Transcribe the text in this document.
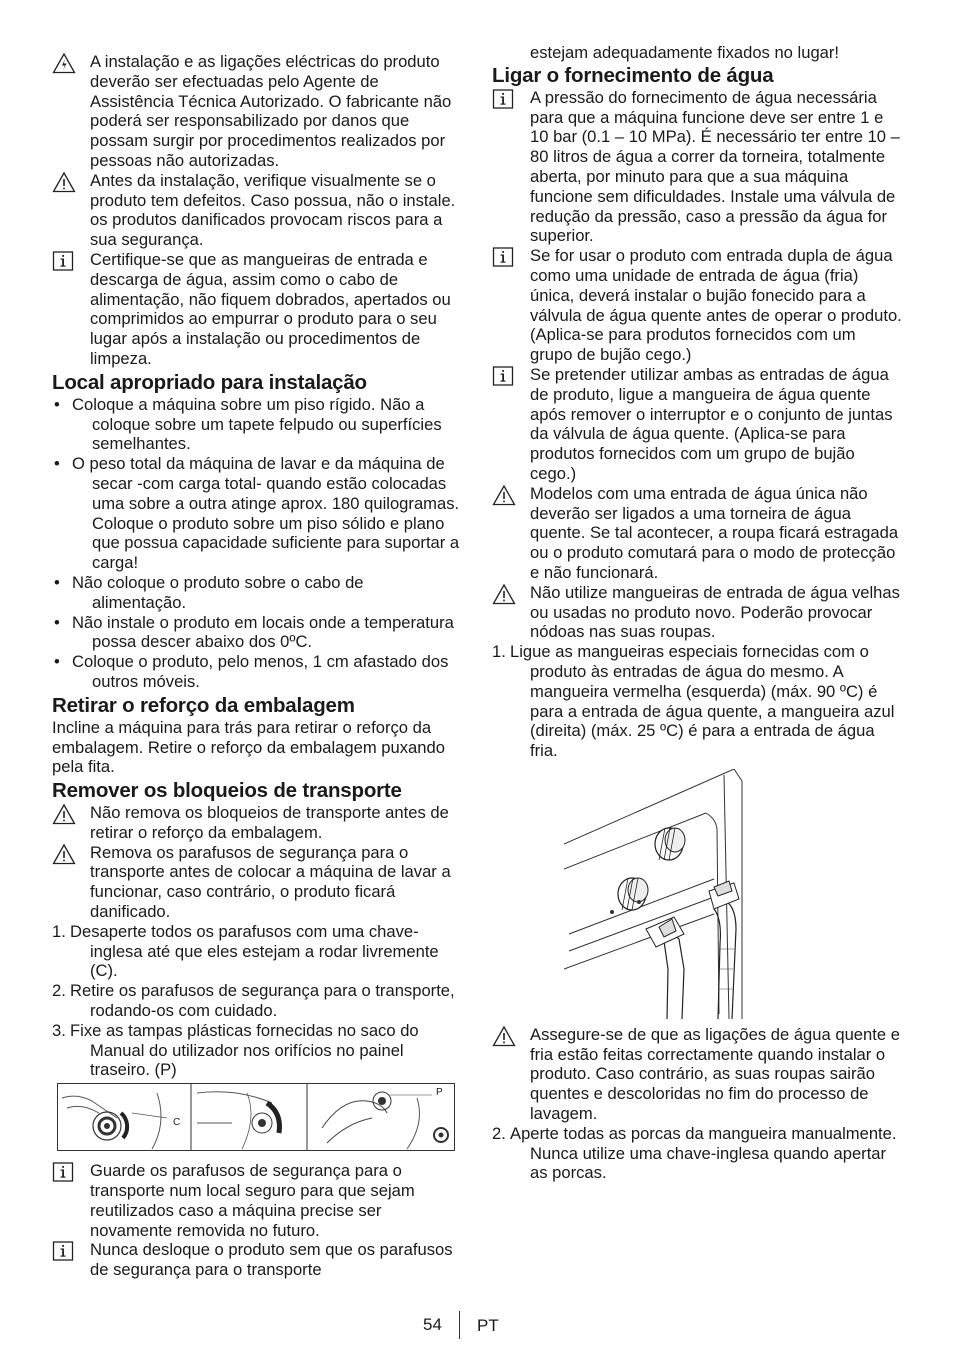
A instalação e as ligações eléctricas do produto deverão ser efectuadas pelo Agente de Assistência Técnica Autorizado. O fabricante não poderá ser responsabilizado por danos que possam surgir por procedimentos realizados por pessoas não autorizadas.
Antes da instalação, verifique visualmente se o produto tem defeitos. Caso possua, não o instale. os produtos danificados provocam riscos para a sua segurança.
Certifique-se que as mangueiras de entrada e descarga de água, assim como o cabo de alimentação, não fiquem dobrados, apertados ou comprimidos ao empurrar o produto para o seu lugar após a instalação ou procedimentos de limpeza.
Local apropriado para instalação
• Coloque a máquina sobre um piso rígido. Não a coloque sobre um tapete felpudo ou superfícies semelhantes.
• O peso total da máquina de lavar e da máquina de secar -com carga total- quando estão colocadas uma sobre a outra atinge aprox. 180 quilogramas. Coloque o produto sobre um piso sólido e plano que possua capacidade suficiente para suportar a carga!
• Não coloque o produto sobre o cabo de alimentação.
• Não instale o produto em locais onde a temperatura possa descer abaixo dos 0ºC.
• Coloque o produto, pelo menos, 1 cm afastado dos outros móveis.
Retirar o reforço da embalagem

Incline a máquina para trás para retirar o reforço da embalagem. Retire o reforço da embalagem puxando pela fita.

Remover os bloqueios de transporte
Não remova os bloqueios de transporte antes de retirar o reforço da embalagem.
Remova os parafusos de segurança para o transporte antes de colocar a máquina de lavar a funcionar, caso contrário, o produto ficará danificado.
1. Desaperte todos os parafusos com uma chave-inglesa até que eles estejam a rodar livremente (C).
2. Retire os parafusos de segurança para o transporte, rodando-os com cuidado.
3. Fixe as tampas plásticas fornecidas no saco do Manual do utilizador nos orifícios no painel traseiro. (P)
C
P
Guarde os parafusos de segurança para o transporte num local seguro para que sejam reutilizados caso a máquina precise ser novamente removida no futuro.
Nunca desloque o produto sem que os parafusos de segurança para o transporte

estejam adequadamente fixados no lugar!

Ligar o fornecimento de água
A pressão do fornecimento de água necessária para que a máquina funcione deve ser entre 1 e 10 bar (0.1 – 10 MPa). É necessário ter entre 10 – 80 litros de água a correr da torneira, totalmente aberta, por minuto para que a sua máquina funcione sem dificuldades. Instale uma válvula de redução da pressão, caso a pressão da água for superior.
Se for usar o produto com entrada dupla de água como uma unidade de entrada de água (fria) única, deverá instalar o bujão fonecido para a válvula de água quente antes de operar o produto. (Aplica-se para produtos fornecidos com um grupo de bujão cego.)
Se pretender utilizar ambas as entradas de água de produto, ligue a mangueira de água quente após remover o interruptor e o conjunto de juntas da válvula de água quente. (Aplica-se para produtos fornecidos com um grupo de bujão cego.)
Modelos com uma entrada de água única não deverão ser ligados a uma torneira de água quente. Se tal acontecer, a roupa ficará estragada ou o produto comutará para o modo de protecção e não funcionará.
Não utilize mangueiras de entrada de água velhas ou usadas no produto novo. Poderão provocar nódoas nas suas roupas.
1. Ligue as mangueiras especiais fornecidas com o produto às entradas de água do mesmo. A mangueira vermelha (esquerda) (máx. 90 ºC) é para a entrada de água quente, a mangueira azul (direita) (máx. 25 ºC) é para a entrada de água fria.
Assegure-se de que as ligações de água quente e fria estão feitas correctamente quando instalar o produto. Caso contrário, as suas roupas sairão quentes e descoloridas no fim do processo de lavagem.
2. Aperte todas as porcas da mangueira manualmente. Nunca utilize uma chave-inglesa quando apertar as porcas.
54 PT
